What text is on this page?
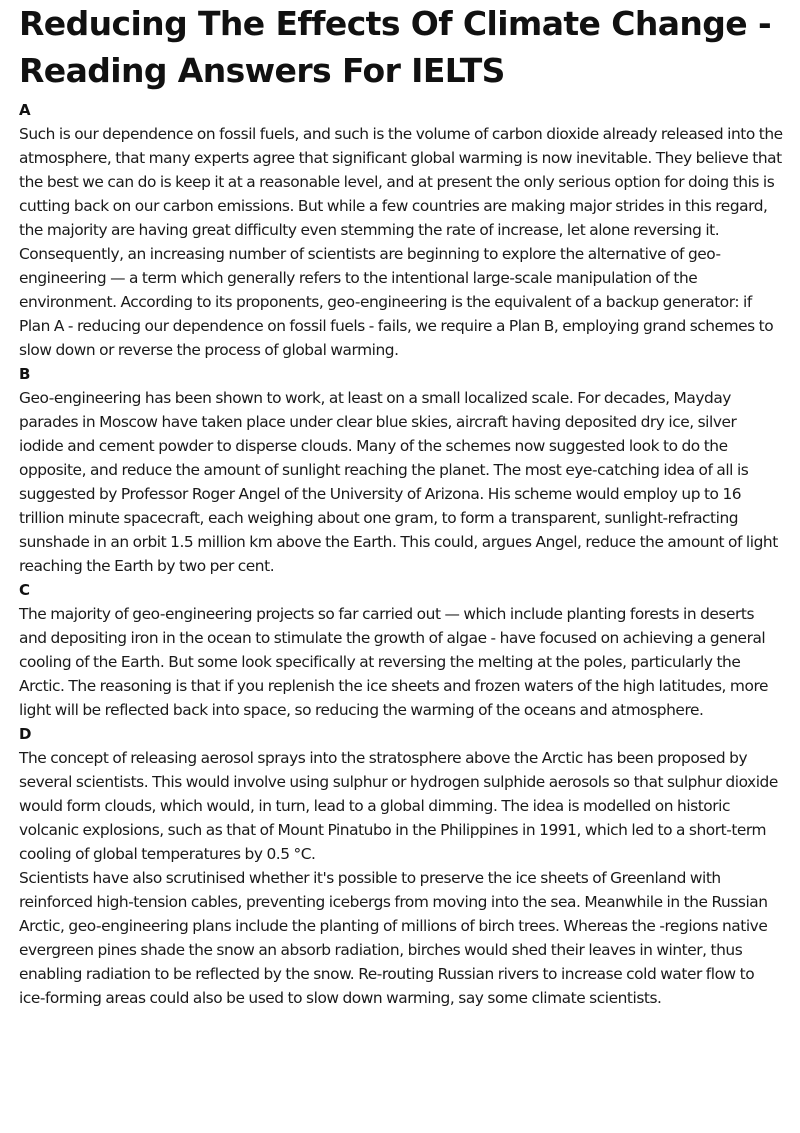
Reducing The Effects Of Climate Change - Reading Answers For IELTS
A

Such is our dependence on fossil fuels, and such is the volume of carbon dioxide already released into the atmosphere, that many experts agree that significant global warming is now inevitable. They believe that the best we can do is keep it at a reasonable level, and at present the only serious option for doing this is cutting back on our carbon emissions. But while a few countries are making major strides in this regard, the majority are having great difficulty even stemming the rate of increase, let alone reversing it. Consequently, an increasing number of scientists are beginning to explore the alternative of geo-engineering — a term which generally refers to the intentional large-scale manipulation of the environment. According to its proponents, geo-engineering is the equivalent of a backup generator: if Plan A - reducing our dependence on fossil fuels - fails, we require a Plan B, employing grand schemes to slow down or reverse the process of global warming.

B

Geo-engineering has been shown to work, at least on a small localized scale. For decades, Mayday parades in Moscow have taken place under clear blue skies, aircraft having deposited dry ice, silver iodide and cement powder to disperse clouds. Many of the schemes now suggested look to do the opposite, and reduce the amount of sunlight reaching the planet. The most eye-catching idea of all is suggested by Professor Roger Angel of the University of Arizona. His scheme would employ up to 16 trillion minute spacecraft, each weighing about one gram, to form a transparent, sunlight-refracting sunshade in an orbit 1.5 million km above the Earth. This could, argues Angel, reduce the amount of light reaching the Earth by two per cent.

C

The majority of geo-engineering projects so far carried out — which include planting forests in deserts and depositing iron in the ocean to stimulate the growth of algae - have focused on achieving a general cooling of the Earth. But some look specifically at reversing the melting at the poles, particularly the Arctic. The reasoning is that if you replenish the ice sheets and frozen waters of the high latitudes, more light will be reflected back into space, so reducing the warming of the oceans and atmosphere.

D

The concept of releasing aerosol sprays into the stratosphere above the Arctic has been proposed by several scientists. This would involve using sulphur or hydrogen sulphide aerosols so that sulphur dioxide would form clouds, which would, in turn, lead to a global dimming. The idea is modelled on historic volcanic explosions, such as that of Mount Pinatubo in the Philippines in 1991, which led to a short-term cooling of global temperatures by 0.5 °C.

Scientists have also scrutinised whether it's possible to preserve the ice sheets of Greenland with reinforced high-tension cables, preventing icebergs from moving into the sea. Meanwhile in the Russian Arctic, geo-engineering plans include the planting of millions of birch trees. Whereas the -regions native evergreen pines shade the snow an absorb radiation, birches would shed their leaves in winter, thus enabling radiation to be reflected by the snow. Re-routing Russian rivers to increase cold water flow to ice-forming areas could also be used to slow down warming, say some climate scientists.
